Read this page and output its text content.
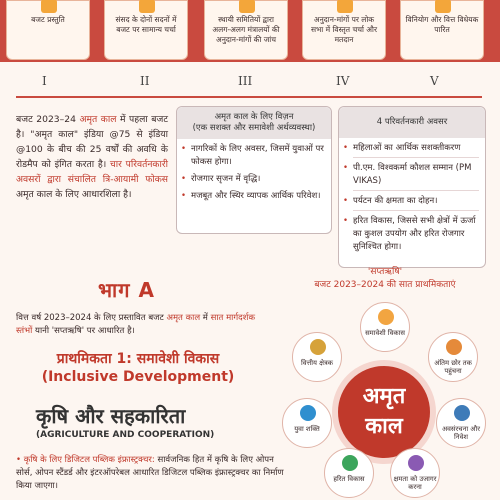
बजट प्रस्तुति	संसद के दोनों सदनों में बजट पर सामान्य चर्चा
स्थायी समितियों द्वारा अलग-अलग मंत्रालयों की अनुदान-मांगों की जांच
अनुदान-मांगों पर लोक सभा में विस्तृत चर्चा और मतदान
विनियोग और वित्त विधेयक पारित
I	II	III	IV	V
बजट 2023–24 अमृत काल में पहला बजट है। "अमृत काल" इंडिया @75 से इंडिया @100 के बीच की 25 वर्षों की अवधि के रोडमैप को इंगित करता है। चार परिवर्तनकारी अवसरों द्वारा संचालित त्रि-आयामी फोकस अमृत काल के लिए आधारशिला है।
अमृत काल के लिए विज़न
(एक सशक्त और समावेशी अर्थव्यवस्था)
• नागरिकों के लिए अवसर, जिसमें युवाओं पर फोकस होगा।
• रोजगार सृजन में वृद्धि।
• मजबूत और स्थिर व्यापक आर्थिक परिवेश।
4 परिवर्तनकारी अवसर
• महिलाओं का आर्थिक सशक्तीकरण
• पी.एम. विश्वकर्मा कौशल सम्मान (PM VIKAS)
• पर्यटन की क्षमता का दोहन।
• हरित विकास, जिससे सभी क्षेत्रों में ऊर्जा का कुशल उपयोग और हरित रोजगार सुनिश्चित होगा।
भाग A
वित्त वर्ष 2023–2024 के लिए प्रस्तावित बजट अमृत काल में सात मार्गदर्शक स्तंभों यानी 'सप्तऋषि' पर आधारित है।
प्राथमिकता 1: समावेशी विकास
(Inclusive Development)
कृषि और सहकारिता
(AGRICULTURE AND COOPERATION)
• कृषि के लिए डिजिटल पब्लिक इंफ्रास्ट्रक्चर: सार्वजनिक हित में कृषि के लिए ओपन सोर्स, ओपन स्टैंडर्ड और इंटरऑपरेबल आधारित डिजिटल पब्लिक इंफ्रास्ट्रक्चर का निर्माण किया जाएगा।
'सप्तऋषि'
बजट 2023–2024 की सात प्राथमिकताएं
अमृत
काल
समावेशी विकास
अंतिम छोर तक पहुंचना
अवसंरचना और निवेश
क्षमता को उजागर करना
हरित विकास
युवा शक्ति
वित्तीय क्षेत्रक
